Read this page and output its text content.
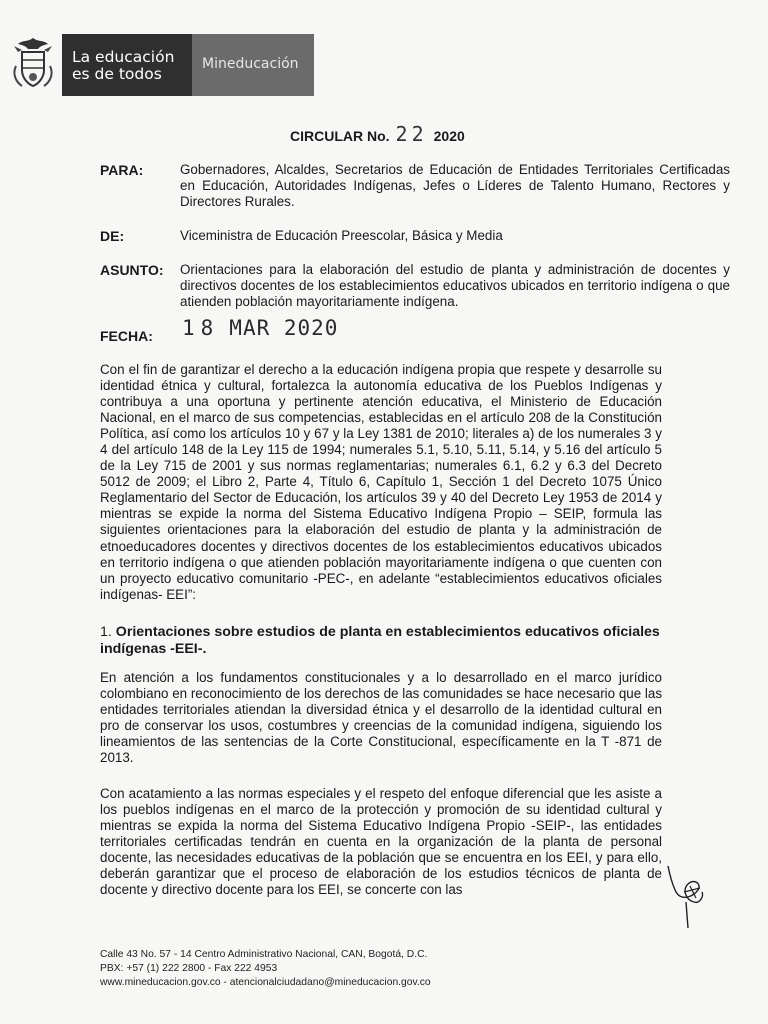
La educación
es de todos
Mineducación
CIRCULAR No. 22 2020
PARA:	Gobernadores, Alcaldes, Secretarios de Educación de Entidades Territoriales Certificadas en Educación, Autoridades Indígenas, Jefes o Líderes de Talento Humano, Rectores y Directores Rurales.
DE:	Viceministra de Educación Preescolar, Básica y Media
ASUNTO: Orientaciones para la elaboración del estudio de planta y administración de docentes y directivos docentes de los establecimientos educativos ubicados en territorio indígena o que atienden población mayoritariamente indígena.
FECHA: 18 MAR 2020
Con el fin de garantizar el derecho a la educación indígena propia que respete y desarrolle su identidad étnica y cultural, fortalezca la autonomía educativa de los Pueblos Indígenas y contribuya a una oportuna y pertinente atención educativa, el Ministerio de Educación Nacional, en el marco de sus competencias, establecidas en el artículo 208 de la Constitución Política, así como los artículos 10 y 67 y la Ley 1381 de 2010; literales a) de los numerales 3 y 4 del artículo 148 de la Ley 115 de 1994; numerales 5.1, 5.10, 5.11, 5.14, y 5.16 del artículo 5 de la Ley 715 de 2001 y sus normas reglamentarias; numerales 6.1, 6.2 y 6.3 del Decreto 5012 de 2009; el Libro 2, Parte 4, Título 6, Capítulo 1, Sección 1 del Decreto 1075 Único Reglamentario del Sector de Educación, los artículos 39 y 40 del Decreto Ley 1953 de 2014 y mientras se expide la norma del Sistema Educativo Indígena Propio – SEIP, formula las siguientes orientaciones para la elaboración del estudio de planta y la administración de etnoeducadores docentes y directivos docentes de los establecimientos educativos ubicados en territorio indígena o que atienden población mayoritariamente indígena o que cuenten con un proyecto educativo comunitario -PEC-, en adelante “establecimientos educativos oficiales indígenas- EEI”:
1. Orientaciones sobre estudios de planta en establecimientos educativos oficiales indígenas -EEI-.
En atención a los fundamentos constitucionales y a lo desarrollado en el marco jurídico colombiano en reconocimiento de los derechos de las comunidades se hace necesario que las entidades territoriales atiendan la diversidad étnica y el desarrollo de la identidad cultural en pro de conservar los usos, costumbres y creencias de la comunidad indígena, siguiendo los lineamientos de las sentencias de la Corte Constitucional, específicamente en la T -871 de 2013.
Con acatamiento a las normas especiales y el respeto del enfoque diferencial que les asiste a los pueblos indígenas en el marco de la protección y promoción de su identidad cultural y mientras se expida la norma del Sistema Educativo Indígena Propio -SEIP-, las entidades territoriales certificadas tendrán en cuenta en la organización de la planta de personal docente, las necesidades educativas de la población que se encuentra en los EEI, y para ello, deberán garantizar que el proceso de elaboración de los estudios técnicos de planta de docente y directivo docente para los EEI, se concerte con las
Calle 43 No. 57 - 14 Centro Administrativo Nacional, CAN, Bogotá, D.C.
PBX: +57 (1) 222 2800 - Fax 222 4953
www.mineducacion.gov.co - atencionalciudadano@mineducacion.gov.co
